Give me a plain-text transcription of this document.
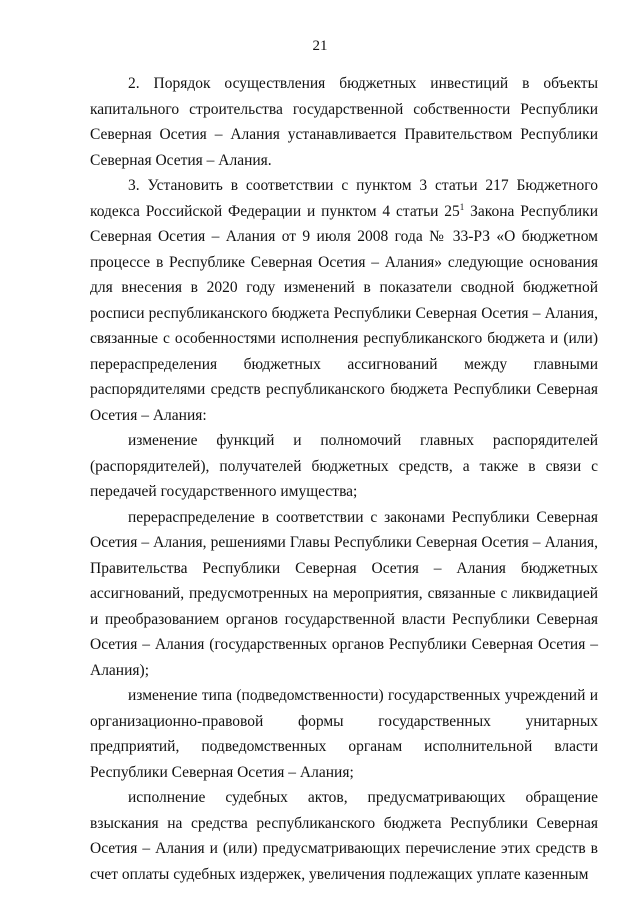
21

2. Порядок осуществления бюджетных инвестиций в объекты капитального строительства государственной собственности Республики Северная Осетия – Алания устанавливается Правительством Республики Северная Осетия – Алания.

3. Установить в соответствии с пунктом 3 статьи 217 Бюджетного кодекса Российской Федерации и пунктом 4 статьи $25^1$ Закона Республики Северная Осетия – Алания от 9 июля 2008 года № 33-РЗ «О бюджетном процессе в Республике Северная Осетия – Алания» следующие основания для внесения в 2020 году изменений в показатели сводной бюджетной росписи республиканского бюджета Республики Северная Осетия – Алания, связанные с особенностями исполнения республиканского бюджета и (или) перераспределения бюджетных ассигнований между главными распорядителями средств республиканского бюджета Республики Северная Осетия – Алания:

изменение функций и полномочий главных распорядителей (распорядителей), получателей бюджетных средств, а также в связи с передачей государственного имущества;

перераспределение в соответствии с законами Республики Северная Осетия – Алания, решениями Главы Республики Северная Осетия – Алания, Правительства Республики Северная Осетия – Алания бюджетных ассигнований, предусмотренных на мероприятия, связанные с ликвидацией и преобразованием органов государственной власти Республики Северная Осетия – Алания (государственных органов Республики Северная Осетия – Алания);

изменение типа (подведомственности) государственных учреждений и организационно-правовой формы государственных унитарных предприятий, подведомственных органам исполнительной власти Республики Северная Осетия – Алания;

исполнение судебных актов, предусматривающих обращение взыскания на средства республиканского бюджета Республики Северная Осетия – Алания и (или) предусматривающих перечисление этих средств в счет оплаты судебных издержек, увеличения подлежащих уплате казенным
